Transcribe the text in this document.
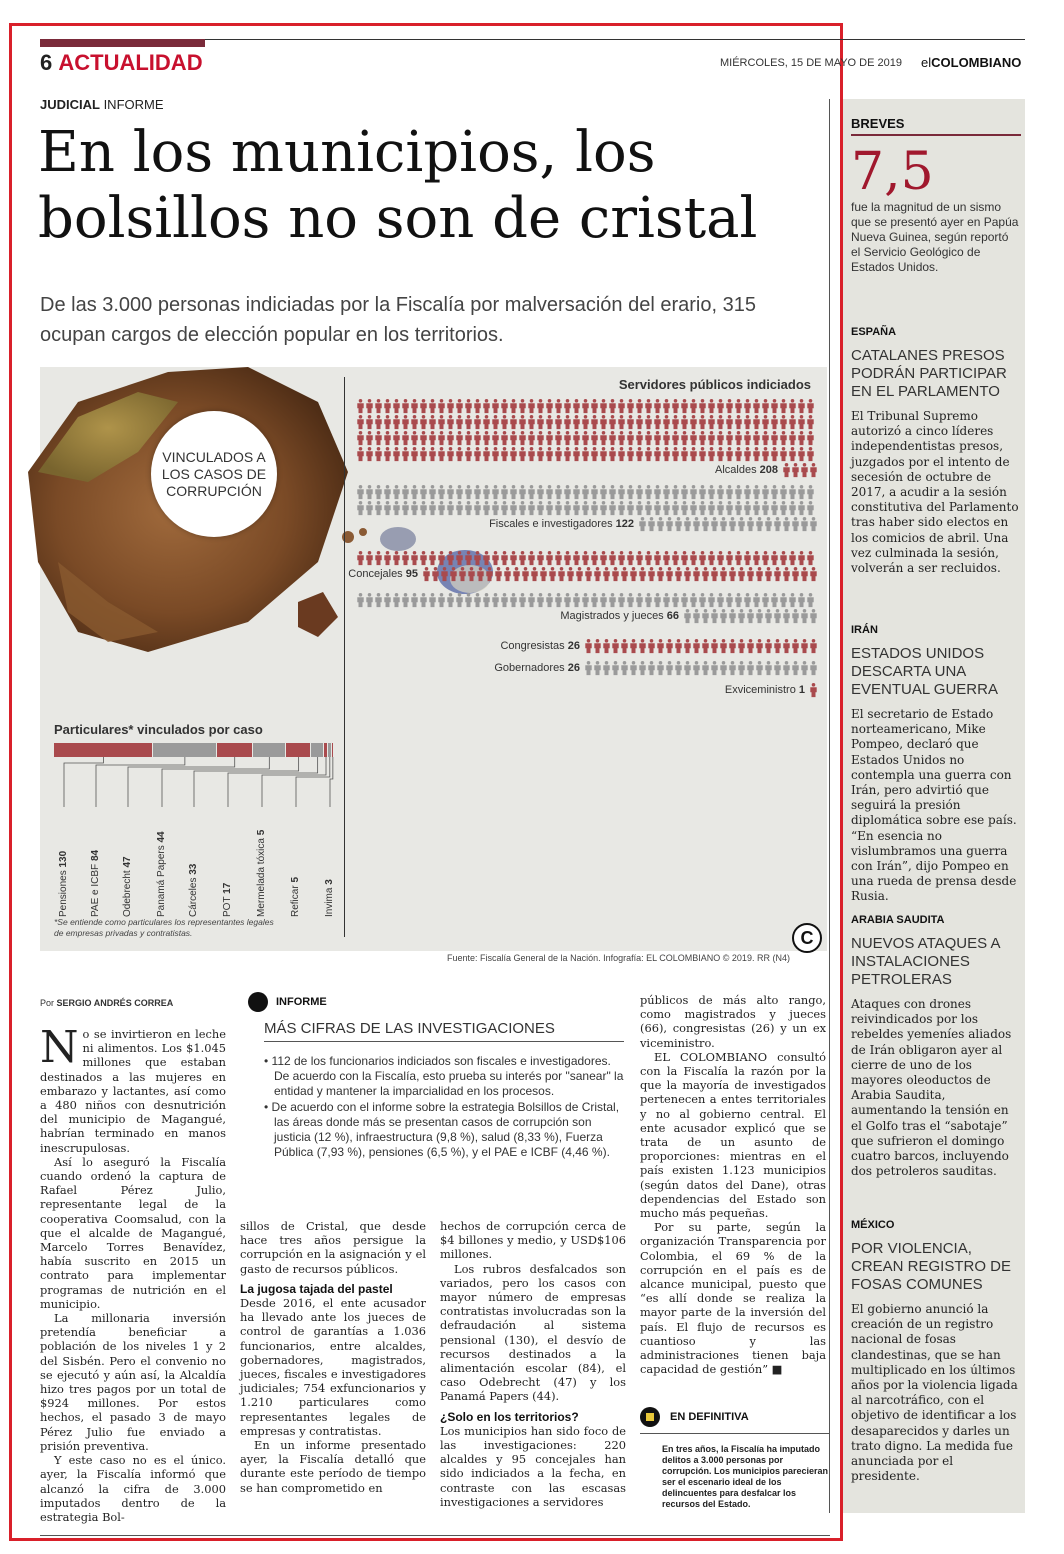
6 ACTUALIDAD	MIÉRCOLES, 15 DE MAYO DE 2019 elCOLOMBIANO
JUDICIAL INFORME
En los municipios, los bolsillos no son de cristal
De las 3.000 personas indiciadas por la Fiscalía por malversación del erario, 315 ocupan cargos de elección popular en los territorios.
VINCULADOS A LOS CASOS DE CORRUPCIÓN
Servidores públicos indiciados
Alcaldes 208
Fiscales e investigadores 122
Concejales 95
Magistrados y jueces 66
Congresistas 26
Gobernadores 26
Exviceministro 1
Particulares* vinculados por caso
Pensiones 130
PAE e ICBF 84
Odebrecht 47 Panamá Papers 44
Cárceles 33
POT 17 Mermelada tóxica 5
Reficar 5
Invima 3
*Se entiende como particulares los representantes legales de empresas privadas y contratistas.	C
Fuente: Fiscalía General de la Nación. Infografía: EL COLOMBIANO © 2019. RR (N4)
Por SERGIO ANDRÉS CORREA

No se invirtieron en leche ni alimentos. Los $1.045 millones que estaban destinados a las mujeres en embarazo y lactantes, así como a 480 niños con desnutrición del municipio de Magangué, habrían terminado en manos inescrupulosas.

Así lo aseguró la Fiscalía cuando ordenó la captura de Rafael Pérez Julio, representante legal de la cooperativa Coomsalud, con la que el alcalde de Magangué, Marcelo Torres Benavídez, había suscrito en 2015 un contrato para implementar programas de nutrición en el municipio.

La millonaria inversión pretendía beneficiar a población de los niveles 1 y 2 del Sisbén. Pero el convenio no se ejecutó y aún así, la Alcaldía hizo tres pagos por un total de $924 millones. Por estos hechos, el pasado 3 de mayo Pérez Julio fue enviado a prisión preventiva.

Y este caso no es el único. ayer, la Fiscalía informó que alcanzó la cifra de 3.000 imputados dentro de la estrategia Bol-

INFORME
MÁS CIFRAS DE LAS INVESTIGACIONES
• 112 de los funcionarios indiciados son fiscales e investigadores. De acuerdo con la Fiscalía, esto prueba su interés por "sanear" la entidad y mantener la imparcialidad en los procesos.
• De acuerdo con el informe sobre la estrategia Bolsillos de Cristal, las áreas donde más se presentan casos de corrupción son justicia (12 %), infraestructura (9,8 %), salud (8,33 %), Fuerza Pública (7,93 %), pensiones (6,5 %), y el PAE e ICBF (4,46 %).

sillos de Cristal, que desde hace tres años persigue la corrupción en la asignación y el gasto de recursos públicos.

La jugosa tajada del pastel

Desde 2016, el ente acusador ha llevado ante los jueces de control de garantías a 1.036 funcionarios, entre alcaldes, gobernadores, magistrados, jueces, fiscales e investigadores judiciales; 754 exfuncionarios y 1.210 particulares como representantes legales de empresas y contratistas.

En un informe presentado ayer, la Fiscalía detalló que durante este período de tiempo se han comprometido en

hechos de corrupción cerca de $4 billones y medio, y USD$106 millones.

Los rubros desfalcados son variados, pero los casos con mayor número de empresas contratistas involucradas son la defraudación al sistema pensional (130), el desvío de recursos destinados a la alimentación escolar (84), el caso Odebrecht (47) y los Panamá Papers (44).

¿Solo en los territorios?

Los municipios han sido foco de las investigaciones: 220 alcaldes y 95 concejales han sido indiciados a la fecha, en contraste con las escasas investigaciones a servidores

públicos de más alto rango, como magistrados y jueces (66), congresistas (26) y un ex viceministro.

EL COLOMBIANO consultó con la Fiscalía la razón por la que la mayoría de investigados pertenecen a entes territoriales y no al gobierno central. El ente acusador explicó que se trata de un asunto de proporciones: mientras en el país existen 1.123 municipios (según datos del Dane), otras dependencias del Estado son mucho más pequeñas.

Por su parte, según la organización Transparencia por Colombia, el 69 % de la corrupción en el país es de alcance municipal, puesto que “es allí donde se realiza la mayor parte de la inversión del país. El flujo de recursos es cuantioso y las administraciones tienen baja capacidad de gestión” ■

EN DEFINITIVA
En tres años, la Fiscalía ha imputado delitos a 3.000 personas por corrupción. Los municipios parecieran ser el escenario ideal de los delincuentes para desfalcar los recursos del Estado.
BREVES
7,5
fue la magnitud de un sismo que se presentó ayer en Papúa Nueva Guinea, según reportó el Servicio Geológico de Estados Unidos.
ESPAÑA
CATALANES PRESOS PODRÁN PARTICIPAR EN EL PARLAMENTO
El Tribunal Supremo autorizó a cinco líderes independentistas presos, juzgados por el intento de secesión de octubre de 2017, a acudir a la sesión constitutiva del Parlamento tras haber sido electos en los comicios de abril. Una vez culminada la sesión, volverán a ser recluidos.
IRÁN
ESTADOS UNIDOS DESCARTA UNA EVENTUAL GUERRA
El secretario de Estado norteamericano, Mike Pompeo, declaró que Estados Unidos no contempla una guerra con Irán, pero advirtió que seguirá la presión diplomática sobre ese país. “En esencia no vislumbramos una guerra con Irán”, dijo Pompeo en una rueda de prensa desde Rusia.
ARABIA SAUDITA
NUEVOS ATAQUES A INSTALACIONES PETROLERAS
Ataques con drones reivindicados por los rebeldes yemeníes aliados de Irán obligaron ayer al cierre de uno de los mayores oleoductos de Arabia Saudita, aumentando la tensión en el Golfo tras el “sabotaje” que sufrieron el domingo cuatro barcos, incluyendo dos petroleros sauditas.
MÉXICO
POR VIOLENCIA, CREAN REGISTRO DE FOSAS COMUNES
El gobierno anunció la creación de un registro nacional de fosas clandestinas, que se han multiplicado en los últimos años por la violencia ligada al narcotráfico, con el objetivo de identificar a los desaparecidos y darles un trato digno. La medida fue anunciada por el presidente.
